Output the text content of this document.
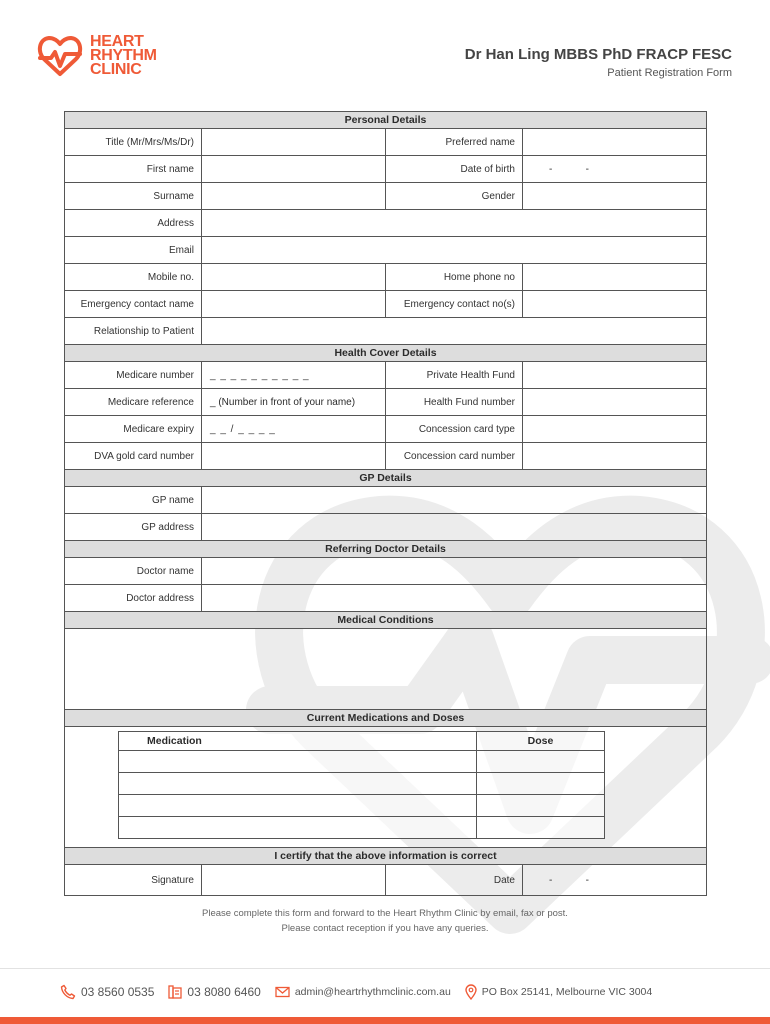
HEART
RHYTHM
CLINIC
Dr Han Ling MBBS PhD FRACP FESC
Patient Registration Form
Personal Details
Title (Mr/Mrs/Ms/Dr)		Preferred name	
First name		Date of birth	-	-

Surname		Gender	
Address	
Email	
Mobile no.		Home phone no	
Emergency contact name		Emergency contact no(s)	
Relationship to Patient	
Health Cover Details
Medicare number	_ _ _ _ _ _ _ _ _ _	Private Health Fund	
Medicare reference	_ (Number in front of your name)	Health Fund number	
Medicare expiry	_ _ / _ _ _ _	Concession card type	
DVA gold card number		Concession card number	
GP Details
GP name	
GP address	
Referring Doctor Details
Doctor name	
Doctor address	
Medical Conditions

Current Medications and Doses

Medication	Dose

I certify that the above information is correct
Signature		Date	-	-
Please complete this form and forward to the Heart Rhythm Clinic by email, fax or post.
Please contact reception if you have any queries.
03 8560 0535	03 8080 6460	admin@heartrhythmclinic.com.au	PO Box 25141, Melbourne VIC 3004
